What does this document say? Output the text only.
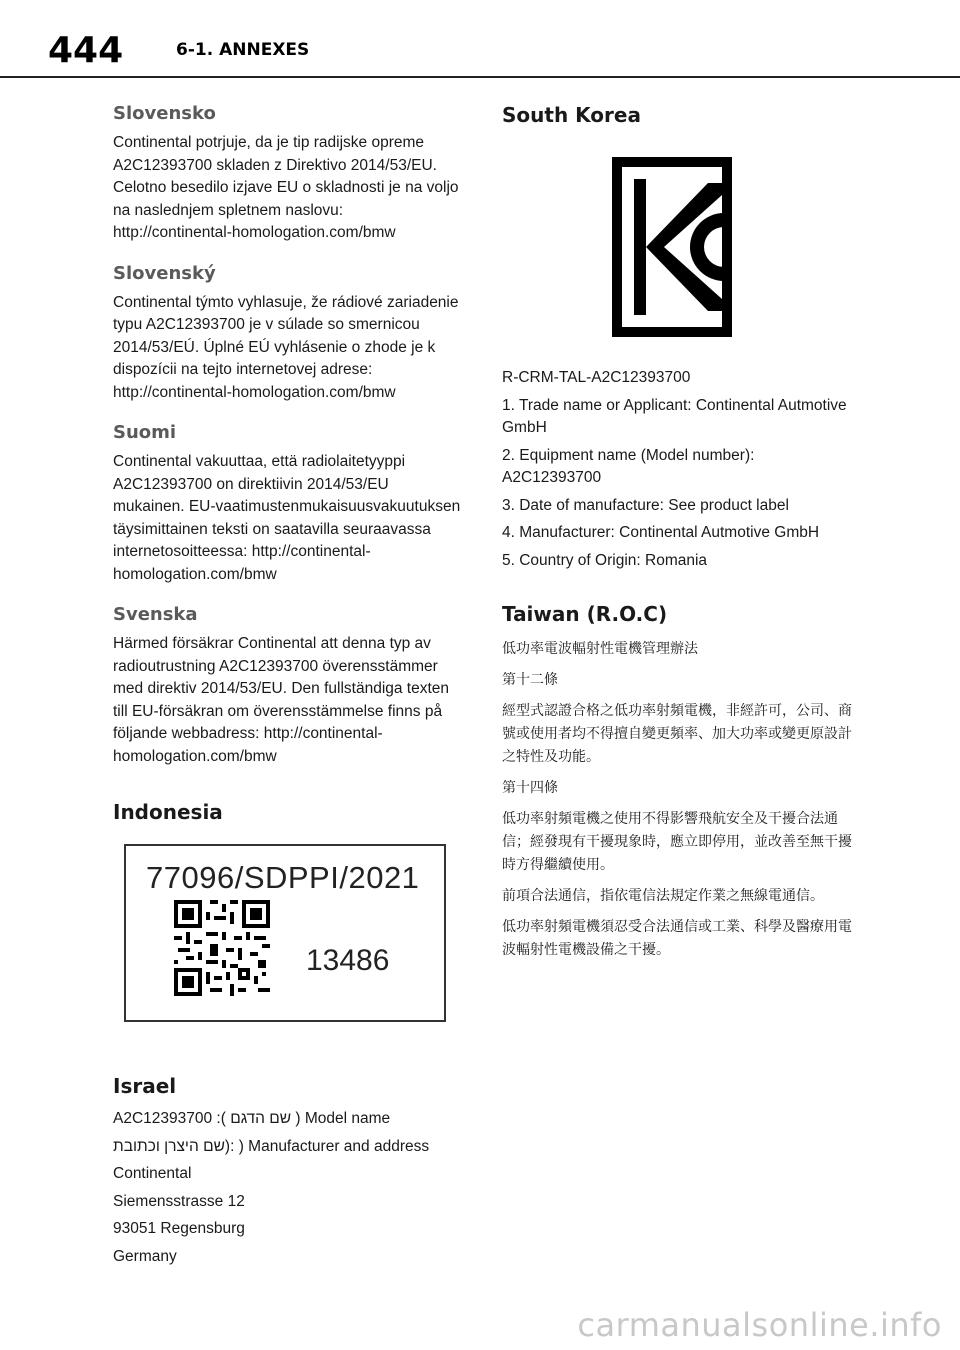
444	6-1. ANNEXES
Slovensko

Continental potrjuje, da je tip radijske opreme A2C12393700 skladen z Direktivo 2014/53/EU. Celotno besedilo izjave EU o skladnosti je na voljo na naslednjem spletnem naslovu: http://continental-homologation.com/bmw

Slovenský

Continental týmto vyhlasuje, že rádiové zariadenie typu A2C12393700 je v súlade so smernicou 2014/53/EÚ. Úplné EÚ vyhlásenie o zhode je k dispozícii na tejto internetovej adrese: http://continental-homologation.com/bmw

Suomi

Continental vakuuttaa, että radiolaitetyyppi A2C12393700 on direktiivin 2014/53/EU mukainen. EU-vaatimustenmukaisuusvakuutuksen täysimittainen teksti on saatavilla seuraavassa internetosoitteessa: http://continental-homologation.com/bmw

Svenska

Härmed försäkrar Continental att denna typ av radioutrustning A2C12393700 överensstämmer med direktiv 2014/53/EU. Den fullständiga texten till EU-försäkran om överensstämmelse finns på följande webbadress: http://continental-homologation.com/bmw

Indonesia
77096/SDPPI/2021
13486
Israel

A2C12393700 :( שם הדגם ) Model name

שם היצרן וכתובת): ) Manufacturer and address

Continental

Siemensstrasse 12

93051 Regensburg

Germany

South Korea

R-CRM-TAL-A2C12393700

1. Trade name or Applicant: Continental Autmotive GmbH

2. Equipment name (Model number): A2C12393700

3. Date of manufacture: See product label

4. Manufacturer: Continental Autmotive GmbH

5. Country of Origin: Romania

Taiwan (R.O.C)

低功率電波輻射性電機管理辦法

第十二條

經型式認證合格之低功率射頻電機，非經許可，公司、商號或使用者均不得擅自變更頻率、加大功率或變更原設計之特性及功能。

第十四條

低功率射頻電機之使用不得影響飛航安全及干擾合法通信；經發現有干擾現象時，應立即停用，並改善至無干擾時方得繼續使用。

前項合法通信，指依電信法規定作業之無線電通信。

低功率射頻電機須忍受合法通信或工業、科學及醫療用電波輻射性電機設備之干擾。

carmanualsonline.info
